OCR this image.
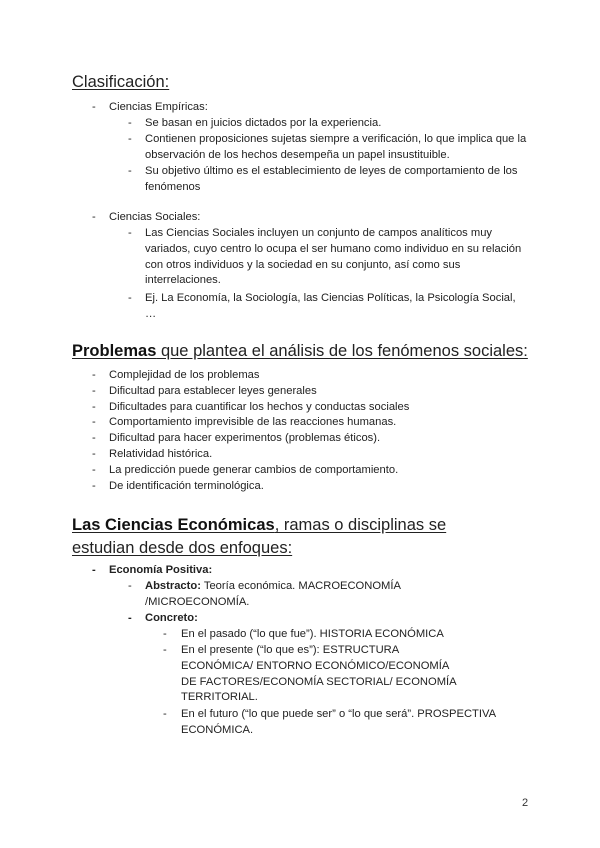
Clasificación:
- Ciencias Empíricas:
- Se basan en juicios dictados por la experiencia.
- Contienen proposiciones sujetas siempre a verificación, lo que implica que la observación de los hechos desempeña un papel insustituible.
- Su objetivo último es el establecimiento de leyes de comportamiento de los fenómenos
- Ciencias Sociales:
- Las Ciencias Sociales incluyen un conjunto de campos analíticos muy variados, cuyo centro lo ocupa el ser humano como individuo en su relación con otros individuos y la sociedad en su conjunto, así como sus interrelaciones.
- Ej. La Economía, la Sociología, las Ciencias Políticas, la Psicología Social, …
Problemas que plantea el análisis de los fenómenos sociales:
- Complejidad de los problemas
- Dificultad para establecer leyes generales
- Dificultades para cuantificar los hechos y conductas sociales
- Comportamiento imprevisible de las reacciones humanas.
- Dificultad para hacer experimentos (problemas éticos).
- Relatividad histórica.
- La predicción puede generar cambios de comportamiento.
- De identificación terminológica.
Las Ciencias Económicas, ramas o disciplinas se estudian desde dos enfoques:
- Economía Positiva:
- Abstracto: Teoría económica. MACROECONOMÍA /MICROECONOMÍA.
- Concreto:
- En el pasado (“lo que fue”). HISTORIA ECONÓMICA
- En el presente (“lo que es”): ESTRUCTURA ECONÓMICA/ ENTORNO ECONÓMICO/ECONOMÍA DE FACTORES/ECONOMÍA SECTORIAL/ ECONOMÍA TERRITORIAL.
- En el futuro (“lo que puede ser” o “lo que será”. PROSPECTIVA ECONÓMICA.
2
